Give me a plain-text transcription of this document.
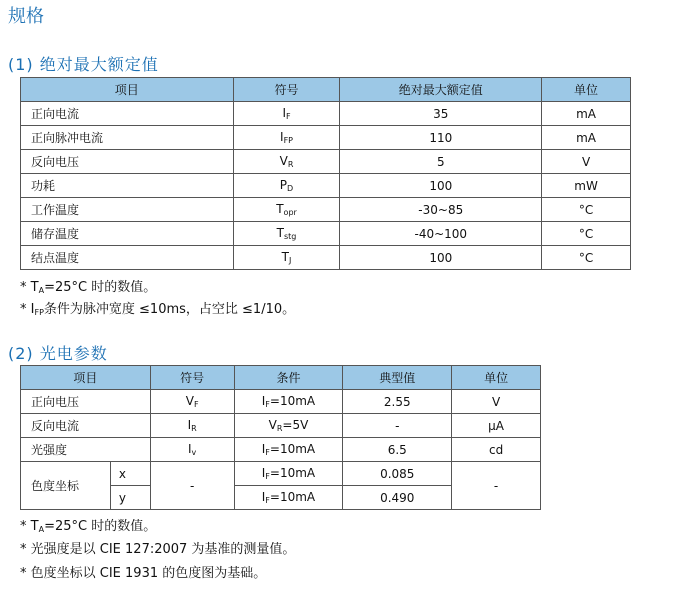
规格
(1) 绝对最大额定值
项目	符号	绝对最大额定值	单位
正向电流	$I_F$	35	mA
正向脉冲电流	$I_{FP}$	110	mA
反向电压	$V_R$	5	V
功耗	$P_D$	100	mW
工作温度	$T_{opr}$	-30~85	°C
储存温度	$T_{stg}$	-40~100	°C
结点温度	$T_J$	100	°C
* $T_A=25^\circ C$ 时的数值。
* $I_{FP}$条件为脉冲宽度 ≤10ms，占空比 ≤1/10。
(2) 光电参数
项目		符号	条件	典型值	单位
正向电压		$V_F$	$I_F=10mA$	2.55	V
反向电流		$I_R$	$V_R=5V$	-	μA
光强度		$I_v$	$I_F=10mA$	6.5	cd
色度坐标	x	-	$I_F=10mA$	0.085	-
	y		$I_F=10mA$	0.490	
* $T_A=25^\circ C$ 时的数值。
* 光强度是以 CIE 127:2007 为基准的测量值。
* 色度坐标以 CIE 1931 的色度图为基础。
